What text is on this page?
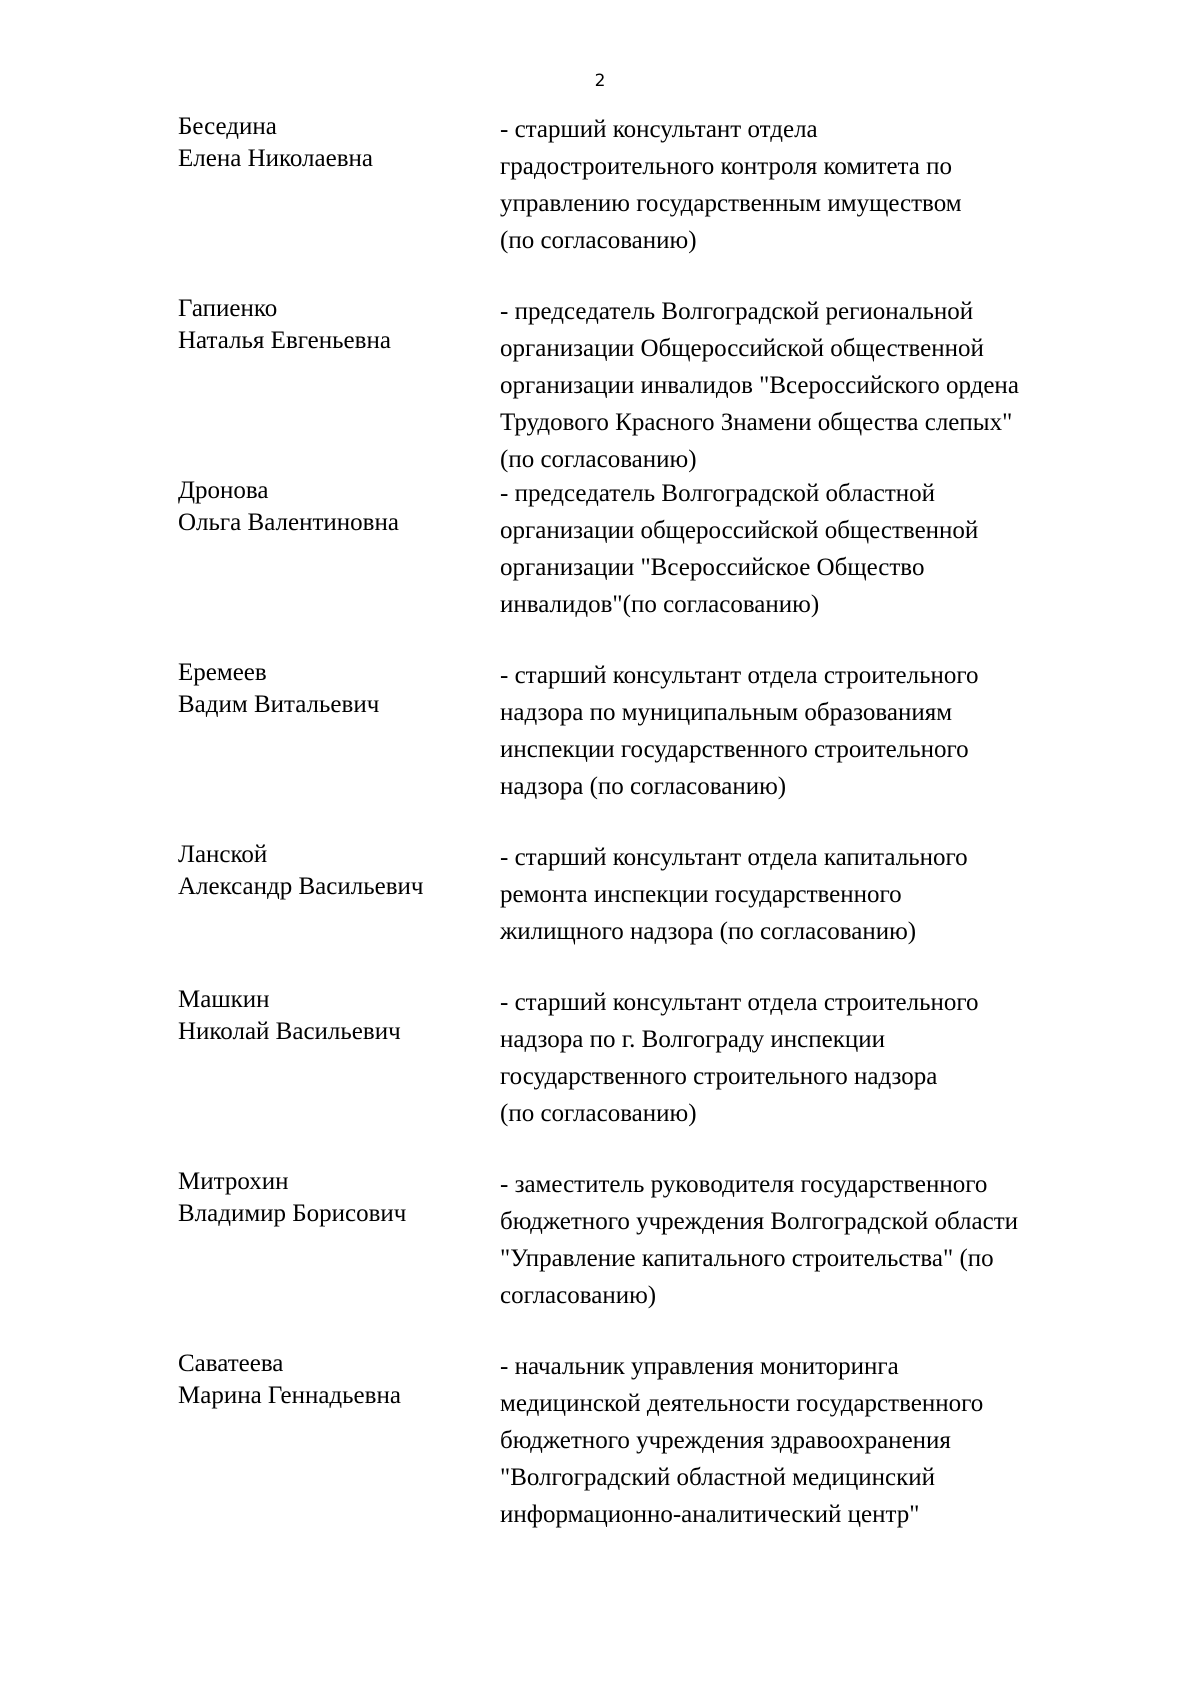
2
Беседина
Елена Николаевна
- старший консультант отдела
градостроительного контроля комитета по
управлению государственным имуществом
(по согласованию)
Гапиенко
Наталья Евгеньевна
- председатель Волгоградской региональной
организации Общероссийской общественной
организации инвалидов "Всероссийского ордена
Трудового Красного Знамени общества слепых"
(по согласованию)
Дронова
Ольга Валентиновна
- председатель Волгоградской областной
организации общероссийской общественной
организации "Всероссийское Общество
инвалидов"(по согласованию)
Еремеев
Вадим Витальевич
- старший консультант отдела строительного
надзора по муниципальным образованиям
инспекции государственного строительного
надзора (по согласованию)
Ланской
Александр Васильевич
- старший консультант отдела капитального
ремонта инспекции государственного
жилищного надзора (по согласованию)
Машкин
Николай Васильевич
- старший консультант отдела строительного
надзора по г. Волгограду инспекции
государственного строительного надзора
(по согласованию)
Митрохин
Владимир Борисович
- заместитель руководителя государственного
бюджетного учреждения Волгоградской области
"Управление капитального строительства" (по
согласованию)
Саватеева
Марина Геннадьевна
- начальник управления мониторинга
медицинской деятельности государственного
бюджетного учреждения здравоохранения
"Волгоградский областной медицинский
информационно-аналитический центр"
